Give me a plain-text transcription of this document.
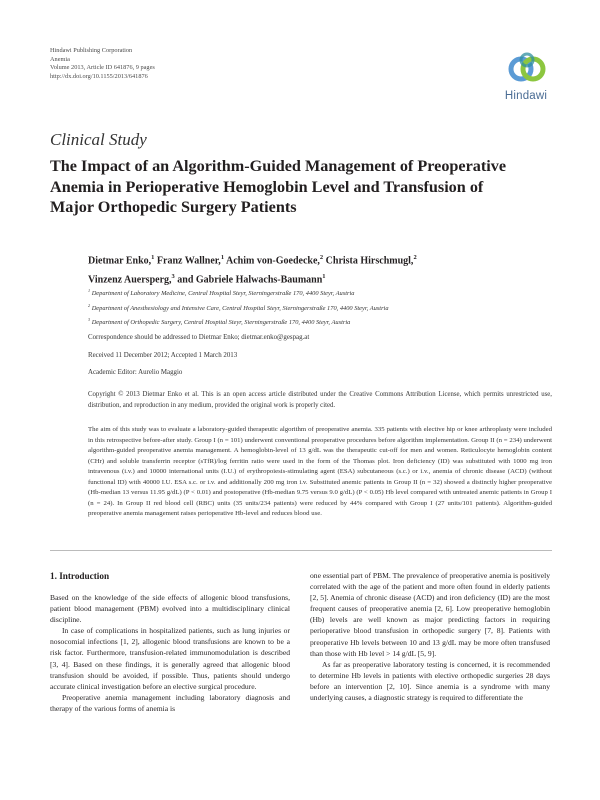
Hindawi Publishing Corporation
Anemia
Volume 2013, Article ID 641876, 9 pages
http://dx.doi.org/10.1155/2013/641876
Hindawi
Clinical Study
The Impact of an Algorithm-Guided Management of Preoperative Anemia in Perioperative Hemoglobin Level and Transfusion of Major Orthopedic Surgery Patients
Dietmar Enko,$^1$ Franz Wallner,$^1$ Achim von-Goedecke,$^2$ Christa Hirschmugl,$^2$
Vinzenz Auersperg,$^3$ and Gabriele Halwachs-Baumann$^1$
$^1$ Department of Laboratory Medicine, Central Hospital Steyr, Sierningerstraße 170, 4400 Steyr, Austria
$^2$ Department of Anesthesiology and Intensive Care, Central Hospital Steyr, Sierningerstraße 170, 4400 Steyr, Austria
$^3$ Department of Orthopedic Surgery, Central Hospital Steyr, Sierningerstraße 170, 4400 Steyr, Austria
Correspondence should be addressed to Dietmar Enko; dietmar.enko@gespag.at
Received 11 December 2012; Accepted 1 March 2013
Academic Editor: Aurelio Maggio
Copyright © 2013 Dietmar Enko et al. This is an open access article distributed under the Creative Commons Attribution License, which permits unrestricted use, distribution, and reproduction in any medium, provided the original work is properly cited.
The aim of this study was to evaluate a laboratory-guided therapeutic algorithm of preoperative anemia. 335 patients with elective hip or knee arthroplasty were included in this retrospective before-after study. Group I (n = 101) underwent conventional preoperative procedures before algorithm implementation. Group II (n = 234) underwent algorithm-guided preoperative anemia management. A hemoglobin-level of 13 g/dL was the therapeutic cut-off for men and women. Reticulocyte hemoglobin content (CHr) and soluble transferrin receptor (sTfR)/log ferritin ratio were used in the form of the Thomas plot. Iron deficiency (ID) was substituted with 1000 mg iron intravenous (i.v.) and 10000 international units (I.U.) of erythropoiesis-stimulating agent (ESA) subcutaneous (s.c.) or i.v., anemia of chronic disease (ACD) (without functional ID) with 40000 I.U. ESA s.c. or i.v. and additionally 200 mg iron i.v. Substituted anemic patients in Group II (n = 32) showed a distinctly higher preoperative (Hb-median 13 versus 11.95 g/dL) (P < 0.01) and postoperative (Hb-median 9.75 versus 9.0 g/dL) (P < 0.05) Hb level compared with untreated anemic patients in Group I (n = 24). In Group II red blood cell (RBC) units (35 units/234 patients) were reduced by 44% compared with Group I (27 units/101 patients). Algorithm-guided preoperative anemia management raises perioperative Hb-level and reduces blood use.
1. Introduction

Based on the knowledge of the side effects of allogenic blood transfusions, patient blood management (PBM) evolved into a multidisciplinary clinical discipline.

In case of complications in hospitalized patients, such as lung injuries or nosocomial infections [1, 2], allogenic blood transfusions are known to be a risk factor. Furthermore, transfusion-related immunomodulation is described [3, 4]. Based on these findings, it is generally agreed that allogenic blood transfusion should be avoided, if possible. Thus, patients should undergo accurate clinical investigation before an elective surgical procedure.

Preoperative anemia management including laboratory diagnosis and therapy of the various forms of anemia is

one essential part of PBM. The prevalence of preoperative anemia is positively correlated with the age of the patient and more often found in elderly patients [2, 5]. Anemia of chronic disease (ACD) and iron deficiency (ID) are the most frequent causes of preoperative anemia [2, 6]. Low preoperative hemoglobin (Hb) levels are well known as major predicting factors in requiring perioperative blood transfusion in orthopedic surgery [7, 8]. Patients with preoperative Hb levels between 10 and 13 g/dL may be more often transfused than those with Hb level > 14 g/dL [5, 9].

As far as preoperative laboratory testing is concerned, it is recommended to determine Hb levels in patients with elective orthopedic surgeries 28 days before an intervention [2, 10]. Since anemia is a syndrome with many underlying causes, a diagnostic strategy is required to differentiate the
